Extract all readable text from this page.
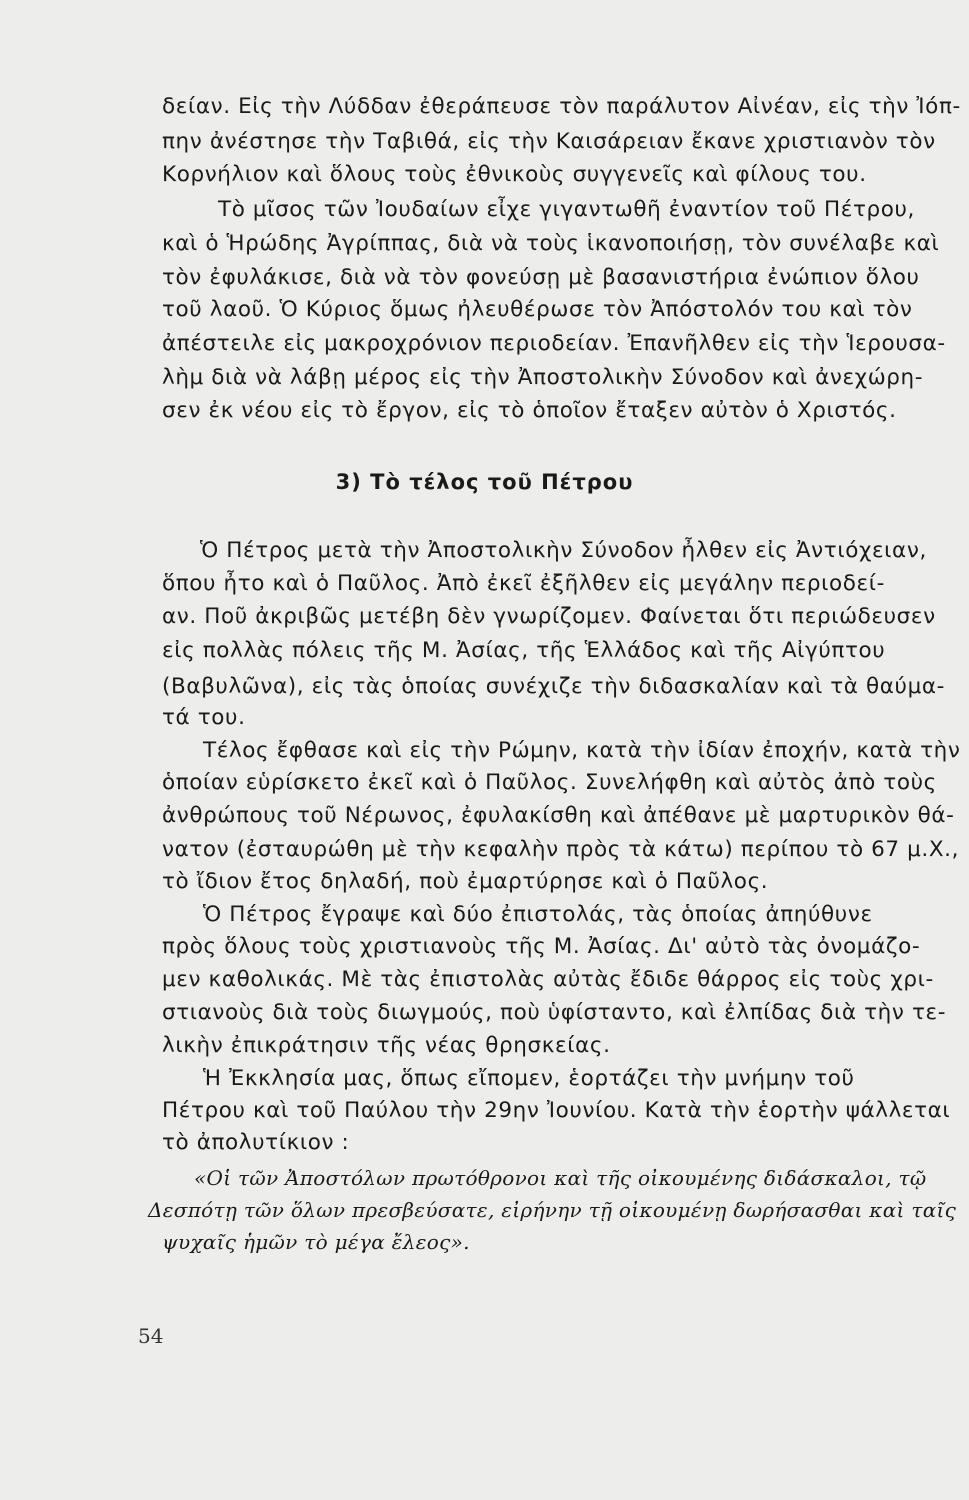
δείαν. Εἰς τὴν Λύδδαν ἐθεράπευσε τὸν παράλυτον Αἰνέαν, εἰς τὴν Ἰόπ-
πην ἀνέστησε τὴν Ταβιθά, εἰς τὴν Καισάρειαν ἔκανε χριστιανὸν τὸν
Κορνήλιον καὶ ὅλους τοὺς ἐθνικοὺς συγγενεῖς καὶ φίλους του.
Τὸ μῖσος τῶν Ἰουδαίων εἶχε γιγαντωθῆ ἐναντίον τοῦ Πέτρου,
καὶ ὁ Ἡρώδης Ἀγρίππας, διὰ νὰ τοὺς ἱκανοποιήσῃ, τὸν συνέλαβε καὶ
τὸν ἐφυλάκισε, διὰ νὰ τὸν φονεύσῃ μὲ βασανιστήρια ἐνώπιον ὅλου
τοῦ λαοῦ. Ὁ Κύριος ὅμως ἠλευθέρωσε τὸν Ἀπόστολόν του καὶ τὸν
ἀπέστειλε εἰς μακροχρόνιον περιοδείαν. Ἐπανῆλθεν εἰς τὴν Ἱερουσα-
λὴμ διὰ νὰ λάβῃ μέρος εἰς τὴν Ἀποστολικὴν Σύνοδον καὶ ἀνεχώρη-
σεν ἐκ νέου εἰς τὸ ἔργον, εἰς τὸ ὁποῖον ἔταξεν αὐτὸν ὁ Χριστός.
3) Τὸ τέλος τοῦ Πέτρου
Ὁ Πέτρος μετὰ τὴν Ἀποστολικὴν Σύνοδον ἦλθεν εἰς Ἀντιόχειαν,
ὅπου ἦτο καὶ ὁ Παῦλος. Ἀπὸ ἐκεῖ ἐξῆλθεν εἰς μεγάλην περιοδεί-
αν. Ποῦ ἀκριβῶς μετέβη δὲν γνωρίζομεν. Φαίνεται ὅτι περιώδευσεν
εἰς πολλὰς πόλεις τῆς Μ. Ἀσίας, τῆς Ἑλλάδος καὶ τῆς Αἰγύπτου
(Βαβυλῶνα), εἰς τὰς ὁποίας συνέχιζε τὴν διδασκαλίαν καὶ τὰ θαύμα-
τά του.
Τέλος ἔφθασε καὶ εἰς τὴν Ρώμην, κατὰ τὴν ἰδίαν ἐποχήν, κατὰ τὴν
ὁποίαν εὑρίσκετο ἐκεῖ καὶ ὁ Παῦλος. Συνελήφθη καὶ αὐτὸς ἀπὸ τοὺς
ἀνθρώπους τοῦ Νέρωνος, ἐφυλακίσθη καὶ ἀπέθανε μὲ μαρτυρικὸν θά-
νατον (ἐσταυρώθη μὲ τὴν κεφαλὴν πρὸς τὰ κάτω) περίπου τὸ 67 μ.Χ.,
τὸ ἴδιον ἔτος δηλαδή, ποὺ ἐμαρτύρησε καὶ ὁ Παῦλος.
Ὁ Πέτρος ἔγραψε καὶ δύο ἐπιστολάς, τὰς ὁποίας ἀπηύθυνε
πρὸς ὅλους τοὺς χριστιανοὺς τῆς Μ. Ἀσίας. Δι' αὐτὸ τὰς ὀνομάζο-
μεν καθολικάς. Μὲ τὰς ἐπιστολὰς αὐτὰς ἔδιδε θάρρος εἰς τοὺς χρι-
στιανοὺς διὰ τοὺς διωγμούς, ποὺ ὑφίσταντο, καὶ ἐλπίδας διὰ τὴν τε-
λικὴν ἐπικράτησιν τῆς νέας θρησκείας.
Ἡ Ἐκκλησία μας, ὅπως εἴπομεν, ἑορτάζει τὴν μνήμην τοῦ
Πέτρου καὶ τοῦ Παύλου τὴν 29ην Ἰουνίου. Κατὰ τὴν ἑορτὴν ψάλλεται
τὸ ἀπολυτίκιον :
«Οἱ τῶν Ἀποστόλων πρωτόθρονοι καὶ τῆς οἰκουμένης διδάσκαλοι, τῷ
Δεσπότῃ τῶν ὅλων πρεσβεύσατε, εἰρήνην τῇ οἰκουμένῃ δωρήσασθαι καὶ ταῖς
ψυχαῖς ἡμῶν τὸ μέγα ἔλεος».
54
